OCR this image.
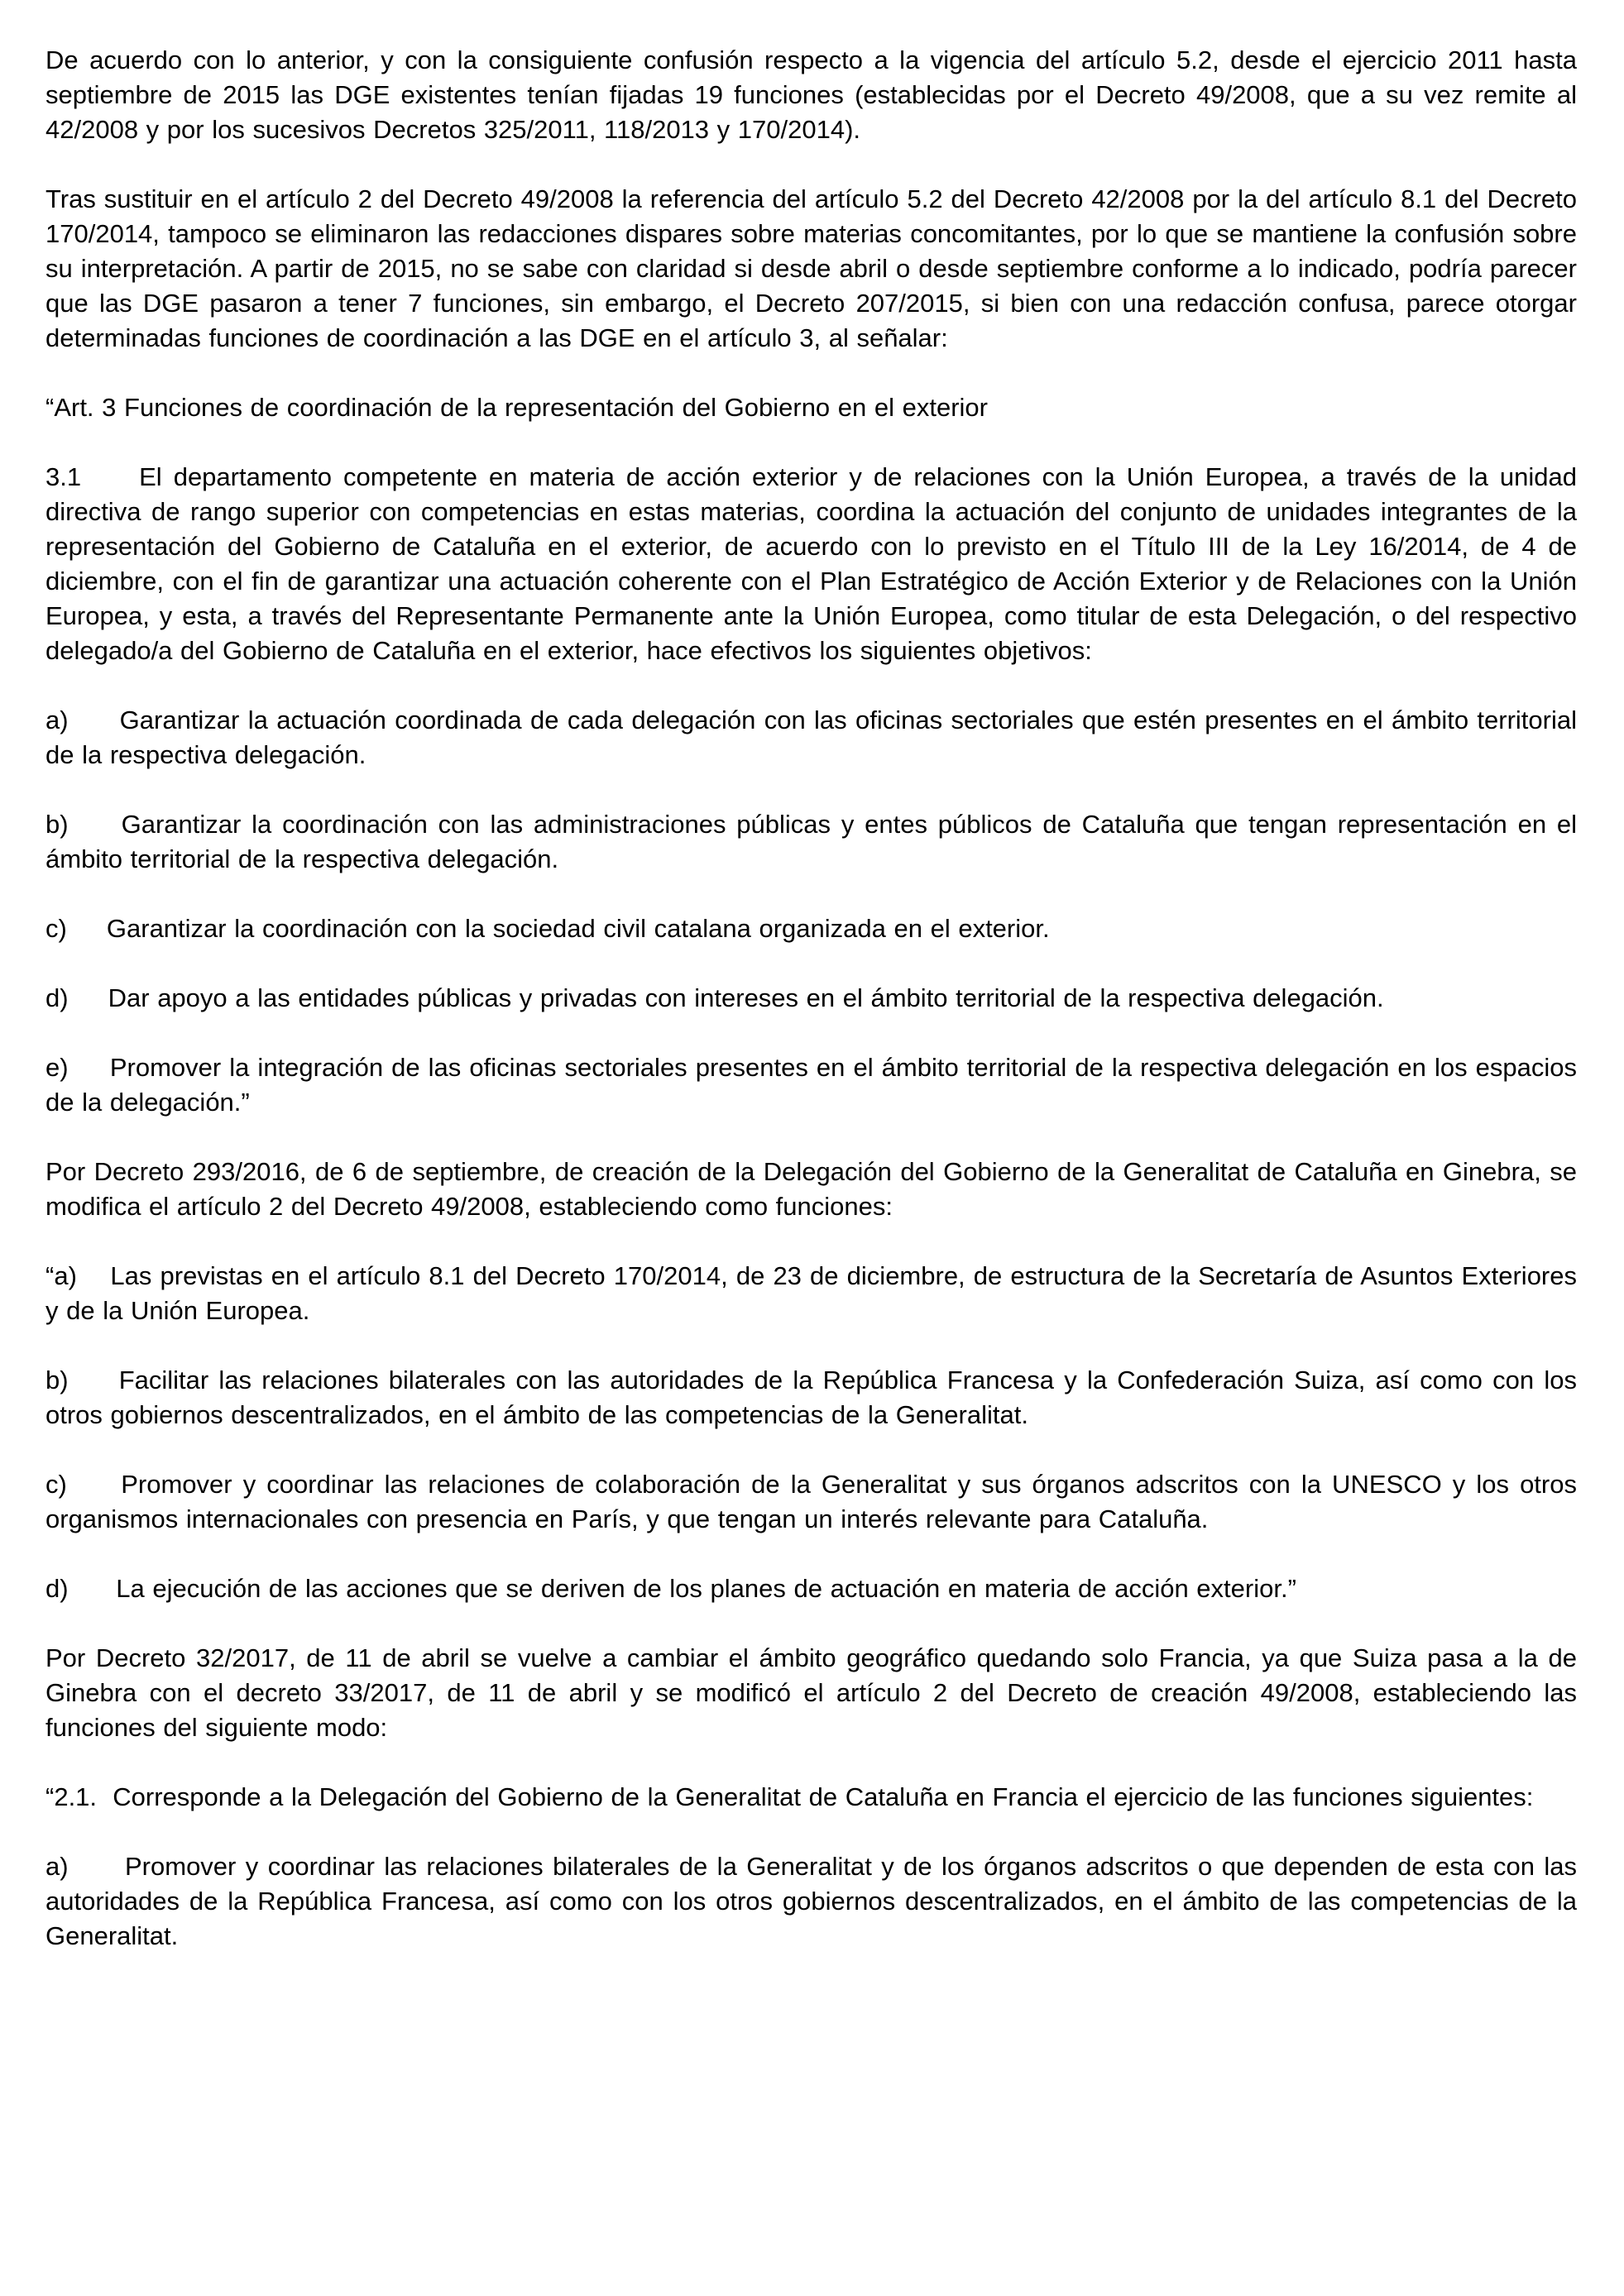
De acuerdo con lo anterior, y con la consiguiente confusión respecto a la vigencia del artículo 5.2, desde el ejercicio 2011 hasta septiembre de 2015 las DGE existentes tenían fijadas 19 funciones (establecidas por el Decreto 49/2008, que a su vez remite al 42/2008 y por los sucesivos Decretos 325/2011, 118/2013 y 170/2014).

Tras sustituir en el artículo 2 del Decreto 49/2008 la referencia del artículo 5.2 del Decreto 42/2008 por la del artículo 8.1 del Decreto 170/2014, tampoco se eliminaron las redacciones dispares sobre materias concomitantes, por lo que se mantiene la confusión sobre su interpretación. A partir de 2015, no se sabe con claridad si desde abril o desde septiembre conforme a lo indicado, podría parecer que las DGE pasaron a tener 7 funciones, sin embargo, el Decreto 207/2015, si bien con una redacción confusa, parece otorgar determinadas funciones de coordinación a las DGE en el artículo 3, al señalar:

“Art. 3 Funciones de coordinación de la representación del Gobierno en el exterior

3.1     El departamento competente en materia de acción exterior y de relaciones con la Unión Europea, a través de la unidad directiva de rango superior con competencias en estas materias, coordina la actuación del conjunto de unidades integrantes de la representación del Gobierno de Cataluña en el exterior, de acuerdo con lo previsto en el Título III de la Ley 16/2014, de 4 de diciembre, con el fin de garantizar una actuación coherente con el Plan Estratégico de Acción Exterior y de Relaciones con la Unión Europea, y esta, a través del Representante Permanente ante la Unión Europea, como titular de esta Delegación, o del respectivo delegado/a del Gobierno de Cataluña en el exterior, hace efectivos los siguientes objetivos:

a)      Garantizar la actuación coordinada de cada delegación con las oficinas sectoriales que estén presentes en el ámbito territorial de la respectiva delegación.

b)     Garantizar la coordinación con las administraciones públicas y entes públicos de Cataluña que tengan representación en el ámbito territorial de la respectiva delegación.

c)     Garantizar la coordinación con la sociedad civil catalana organizada en el exterior.

d)     Dar apoyo a las entidades públicas y privadas con intereses en el ámbito territorial de la respectiva delegación.

e)     Promover la integración de las oficinas sectoriales presentes en el ámbito territorial de la respectiva delegación en los espacios de la delegación.”

Por Decreto 293/2016, de 6 de septiembre, de creación de la Delegación del Gobierno de la Generalitat de Cataluña en Ginebra, se modifica el artículo 2 del Decreto 49/2008, estableciendo como funciones:

“a)    Las previstas en el artículo 8.1 del Decreto 170/2014, de 23 de diciembre, de estructura de la Secretaría de Asuntos Exteriores y de la Unión Europea.

b)     Facilitar las relaciones bilaterales con las autoridades de la República Francesa y la Confederación Suiza, así como con los otros gobiernos descentralizados, en el ámbito de las competencias de la Generalitat.

c)     Promover y coordinar las relaciones de colaboración de la Generalitat y sus órganos adscritos con la UNESCO y los otros organismos internacionales con presencia en París, y que tengan un interés relevante para Cataluña.

d)      La ejecución de las acciones que se deriven de los planes de actuación en materia de acción exterior.”

Por Decreto 32/2017, de 11 de abril se vuelve a cambiar el ámbito geográfico quedando solo Francia, ya que Suiza pasa a la de Ginebra con el decreto 33/2017, de 11 de abril y se modificó el artículo 2 del Decreto de creación 49/2008, estableciendo las funciones del siguiente modo:

“2.1.  Corresponde a la Delegación del Gobierno de la Generalitat de Cataluña en Francia el ejercicio de las funciones siguientes:

a)      Promover y coordinar las relaciones bilaterales de la Generalitat y de los órganos adscritos o que dependen de esta con las autoridades de la República Francesa, así como con los otros gobiernos descentralizados, en el ámbito de las competencias de la Generalitat.
